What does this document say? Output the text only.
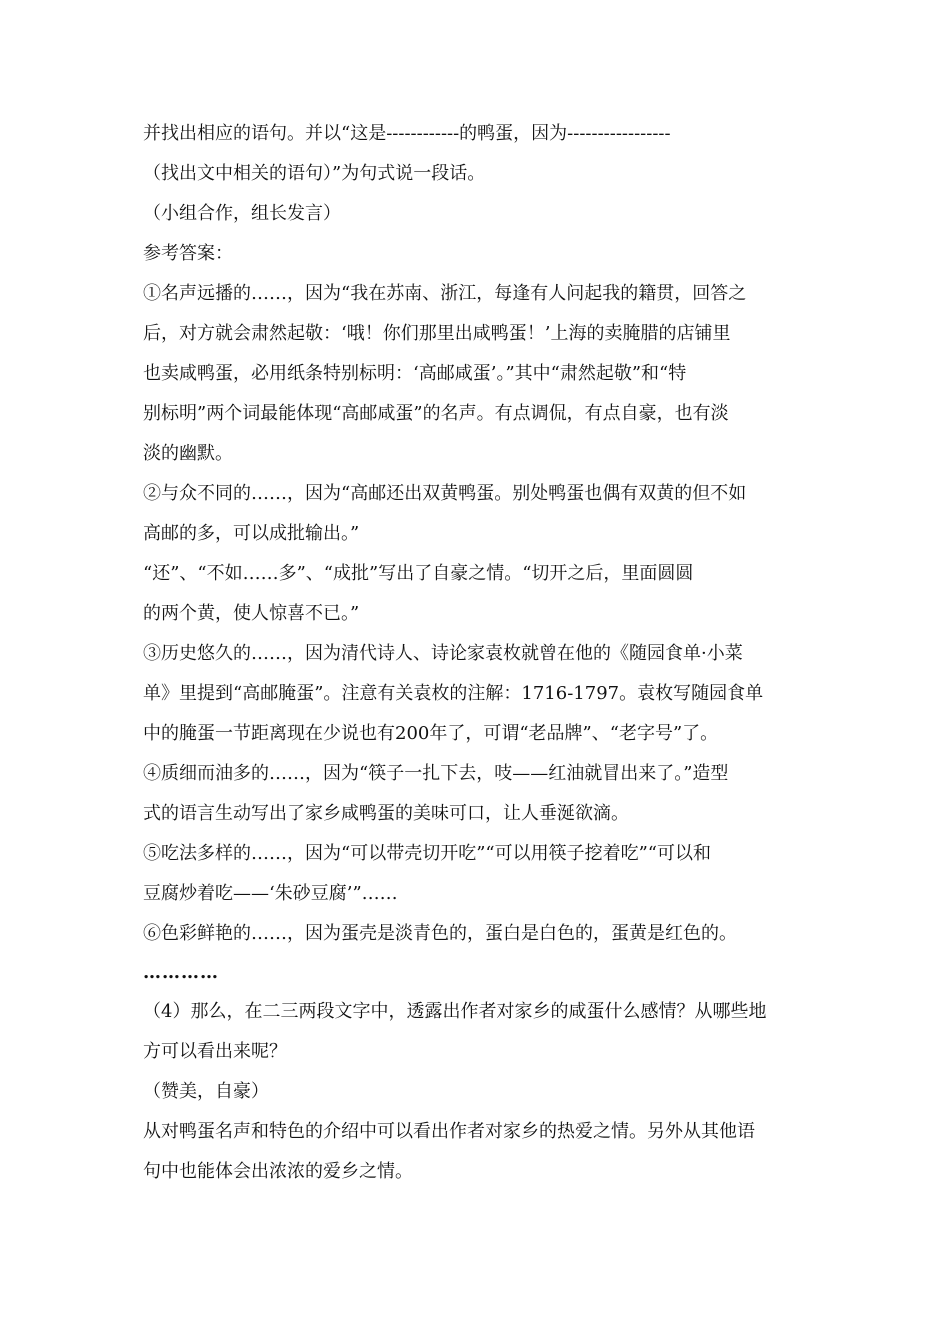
并找出相应的语句。并以“这是------------的鸭蛋，因为-----------------
（找出文中相关的语句）”为句式说一段话。
（小组合作，组长发言）
参考答案：
①名声远播的……，因为“我在苏南、浙江，每逢有人问起我的籍贯，回答之
后，对方就会肃然起敬：‘哦！你们那里出咸鸭蛋！’上海的卖腌腊的店铺里
也卖咸鸭蛋，必用纸条特别标明：‘高邮咸蛋’。”其中“肃然起敬”和“特
别标明”两个词最能体现“高邮咸蛋”的名声。有点调侃，有点自豪，也有淡
淡的幽默。
②与众不同的……，因为“高邮还出双黄鸭蛋。别处鸭蛋也偶有双黄的但不如
高邮的多，可以成批输出。”
“还”、“不如……多”、“成批”写出了自豪之情。“切开之后，里面圆圆
的两个黄，使人惊喜不已。”
③历史悠久的……，因为清代诗人、诗论家袁枚就曾在他的《随园食单·小菜
单》里提到“高邮腌蛋”。注意有关袁枚的注解：1716-1797。袁枚写随园食单
中的腌蛋一节距离现在少说也有200年了，可谓“老品牌”、“老字号”了。
④质细而油多的……，因为“筷子一扎下去，吱——红油就冒出来了。”造型
式的语言生动写出了家乡咸鸭蛋的美味可口，让人垂涎欲滴。
⑤吃法多样的……，因为“可以带壳切开吃”“可以用筷子挖着吃”“可以和
豆腐炒着吃——‘朱砂豆腐’”……
⑥色彩鲜艳的……，因为蛋壳是淡青色的，蛋白是白色的，蛋黄是红色的。
…………
（4）那么，在二三两段文字中，透露出作者对家乡的咸蛋什么感情？从哪些地
方可以看出来呢？
（赞美，自豪）
从对鸭蛋名声和特色的介绍中可以看出作者对家乡的热爱之情。另外从其他语
句中也能体会出浓浓的爱乡之情。
